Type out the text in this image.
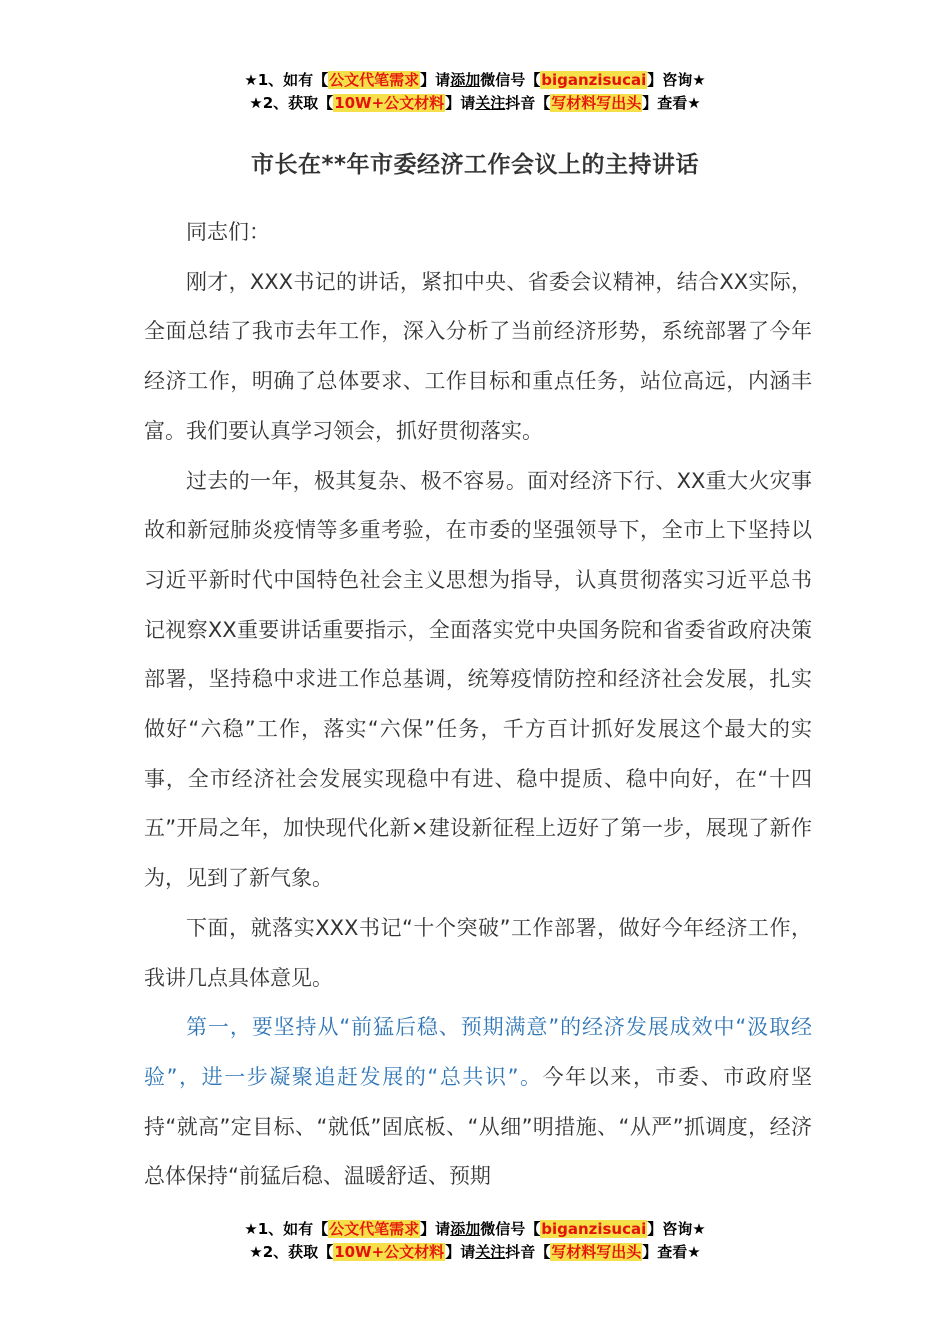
★1、如有【公文代笔需求】请添加微信号【biganzisucai】咨询★
★2、获取【10W+公文材料】请关注抖音【写材料写出头】查看★
市长在**年市委经济工作会议上的主持讲话

同志们：

刚才，XXX书记的讲话，紧扣中央、省委会议精神，结合XX实际，全面总结了我市去年工作，深入分析了当前经济形势，系统部署了今年经济工作，明确了总体要求、工作目标和重点任务，站位高远，内涵丰富。我们要认真学习领会，抓好贯彻落实。

过去的一年，极其复杂、极不容易。面对经济下行、XX重大火灾事故和新冠肺炎疫情等多重考验，在市委的坚强领导下，全市上下坚持以习近平新时代中国特色社会主义思想为指导，认真贯彻落实习近平总书记视察XX重要讲话重要指示，全面落实党中央国务院和省委省政府决策部署，坚持稳中求进工作总基调，统筹疫情防控和经济社会发展，扎实做好“六稳”工作，落实“六保”任务，千方百计抓好发展这个最大的实事，全市经济社会发展实现稳中有进、稳中提质、稳中向好，在“十四五”开局之年，加快现代化新×建设新征程上迈好了第一步，展现了新作为，见到了新气象。

下面，就落实XXX书记“十个突破”工作部署，做好今年经济工作，我讲几点具体意见。

第一，要坚持从“前猛后稳、预期满意”的经济发展成效中“汲取经验”，进一步凝聚追赶发展的“总共识”。今年以来，市委、市政府坚持“就高”定目标、“就低”固底板、“从细”明措施、“从严”抓调度，经济总体保持“前猛后稳、温暖舒适、预期

★1、如有【公文代笔需求】请添加微信号【biganzisucai】咨询★
★2、获取【10W+公文材料】请关注抖音【写材料写出头】查看★
